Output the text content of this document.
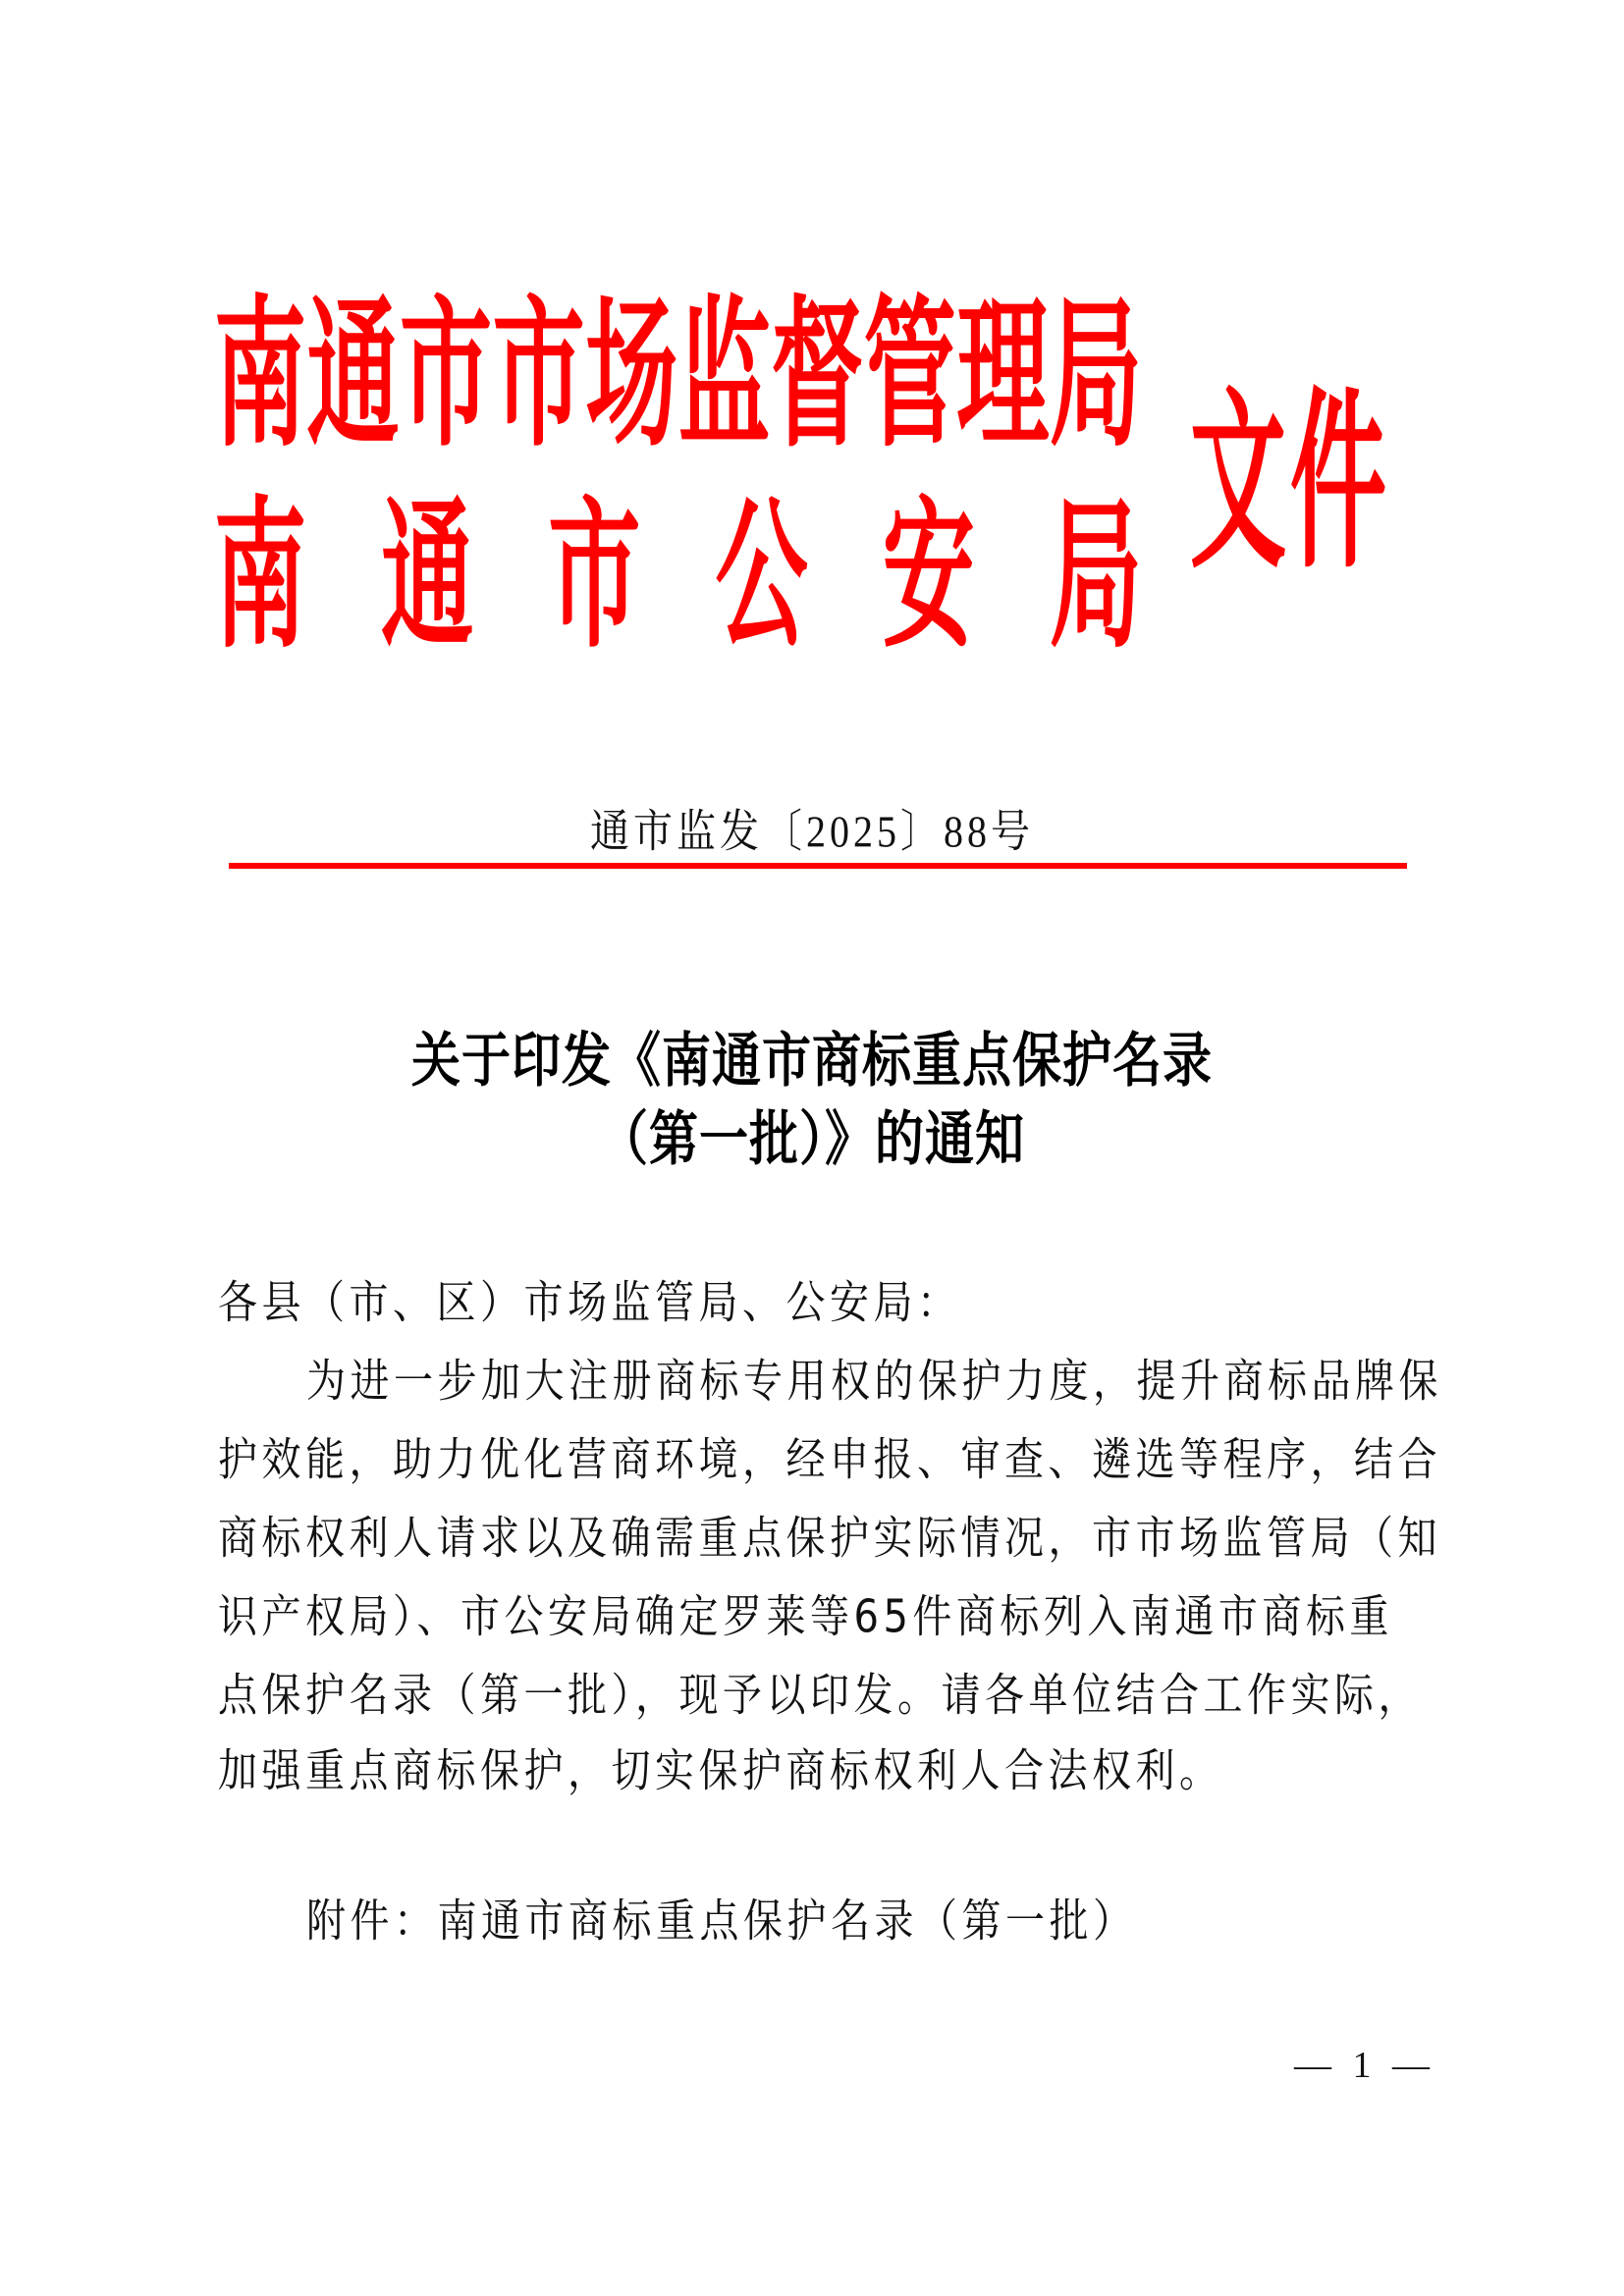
南 通 市 市 场 监 督 管 理 局
南 通 市 公 安 局 文 件
通市监发〔2025〕88号
关于印发《南通市商标重点保护名录
（第一批）》的通知
各县（市、区）市场监管局、公安局：
为进一步加大注册商标专用权的保护力度，提升商标品牌保
护效能，助力优化营商环境，经申报、审查、遴选等程序，结合
商标权利人请求以及确需重点保护实际情况，市市场监管局（知
识产权局）、市公安局确定罗莱等65件商标列入南通市商标重
点保护名录（第一批），现予以印发。请各单位结合工作实际，
加强重点商标保护，切实保护商标权利人合法权利。
附件：南通市商标重点保护名录（第一批）
— 1 —
